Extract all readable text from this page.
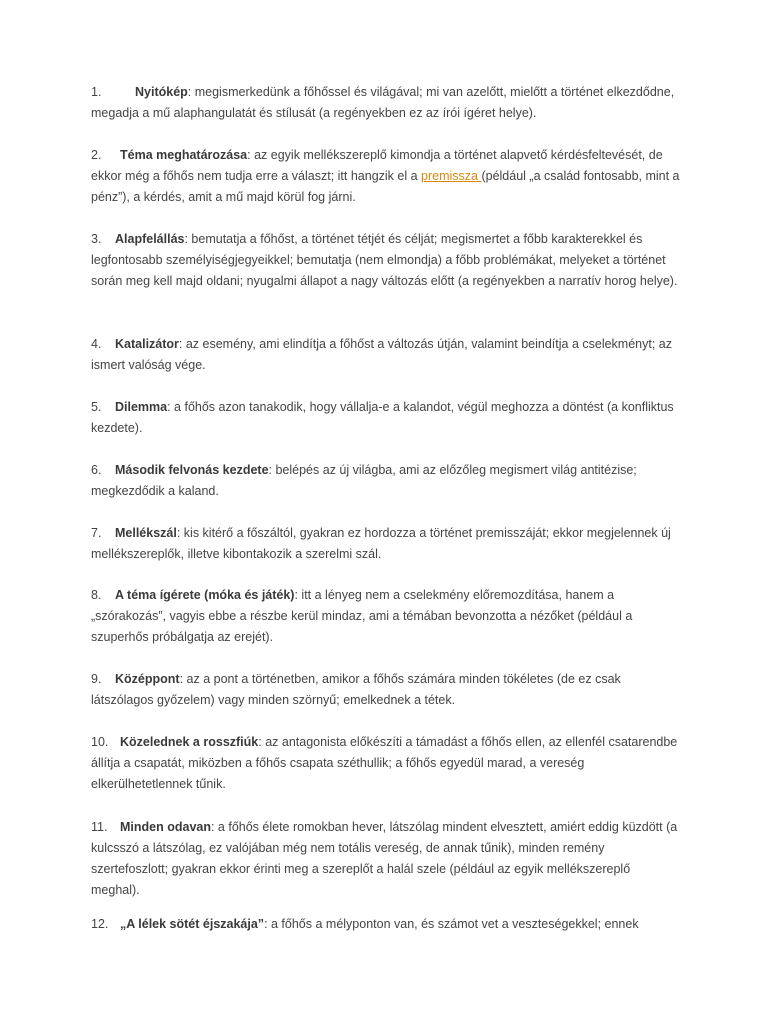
1.	Nyitókép: megismerkedünk a főhőssel és világával; mi van azelőtt, mielőtt a történet elkezdődne, megadja a mű alaphangulatát és stílusát (a regényekben ez az írói ígéret helye).

2. Téma meghatározása: az egyik mellékszereplő kimondja a történet alapvető kérdésfeltevését, de ekkor még a főhős nem tudja erre a választ; itt hangzik el a premissza (például „a család fontosabb, mint a pénz”), a kérdés, amit a mű majd körül fog járni.

3. Alapfelállás: bemutatja a főhőst, a történet tétjét és célját; megismertet a főbb karakterekkel és legfontosabb személyiségjegyeikkel; bemutatja (nem elmondja) a főbb problémákat, melyeket a történet során meg kell majd oldani; nyugalmi állapot a nagy változás előtt (a regényekben a narratív horog helye).

4. Katalizátor: az esemény, ami elindítja a főhőst a változás útján, valamint beindítja a cselekményt; az ismert valóság vége.

5. Dilemma: a főhős azon tanakodik, hogy vállalja-e a kalandot, végül meghozza a döntést (a konfliktus kezdete).

6. Második felvonás kezdete: belépés az új világba, ami az előzőleg megismert világ antitézise; megkezdődik a kaland.

7. Mellékszál: kis kitérő a főszáltól, gyakran ez hordozza a történet premisszáját; ekkor megjelennek új mellékszereplők, illetve kibontakozik a szerelmi szál.

8. A téma ígérete (móka és játék): itt a lényeg nem a cselekmény előremozdítása, hanem a „szórakozás”, vagyis ebbe a részbe kerül mindaz, ami a témában bevonzotta a nézőket (például a szuperhős próbálgatja az erejét).

9. Középpont: az a pont a történetben, amikor a főhős számára minden tökéletes (de ez csak látszólagos győzelem) vagy minden szörnyű; emelkednek a tétek.

10. Közelednek a rosszfiúk: az antagonista előkészíti a támadást a főhős ellen, az ellenfél csatarendbe állítja a csapatát, miközben a főhős csapata széthullik; a főhős egyedül marad, a vereség elkerülhetetlennek tűnik.

11. Minden odavan: a főhős élete romokban hever, látszólag mindent elvesztett, amiért eddig küzdött (a kulcsszó a látszólag, ez valójában még nem totális vereség, de annak tűnik), minden remény szertefoszlott; gyakran ekkor érinti meg a szereplőt a halál szele (például az egyik mellékszereplő meghal).

12. „A lélek sötét éjszakája”: a főhős a mélyponton van, és számot vet a veszteségekkel; ennek
